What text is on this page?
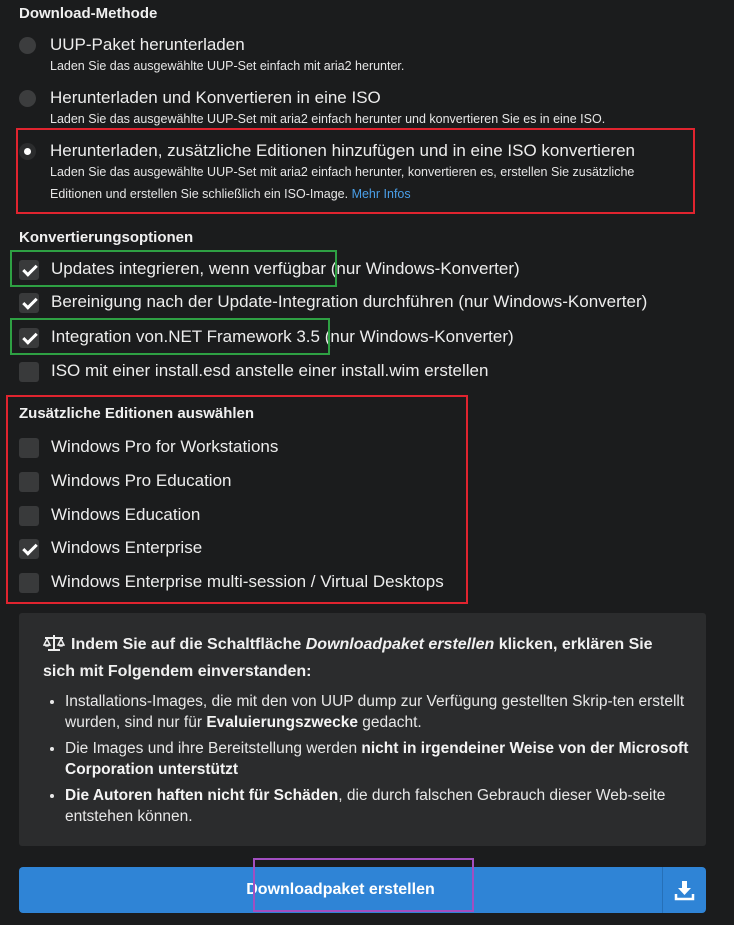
Download-Methode
UUP-Paket herunterladen
Laden Sie das ausgewählte UUP-Set einfach mit aria2 herunter.
Herunterladen und Konvertieren in eine ISO
Laden Sie das ausgewählte UUP-Set mit aria2 einfach herunter und konvertieren Sie es in eine ISO.
Herunterladen, zusätzliche Editionen hinzufügen und in eine ISO konvertieren
Laden Sie das ausgewählte UUP-Set mit aria2 einfach herunter, konvertieren es, erstellen Sie zusätzliche
Editionen und erstellen Sie schließlich ein ISO-Image. Mehr Infos
Konvertierungsoptionen
Updates integrieren, wenn verfügbar (nur Windows-Konverter)
Bereinigung nach der Update-Integration durchführen (nur Windows-Konverter)
Integration von.NET Framework 3.5 (nur Windows-Konverter)
ISO mit einer install.esd anstelle einer install.wim erstellen
Zusätzliche Editionen auswählen
Windows Pro for Workstations
Windows Pro Education
Windows Education
Windows Enterprise
Windows Enterprise multi-session / Virtual Desktops
Indem Sie auf die Schaltfläche Downloadpaket erstellen klicken, erklären Sie sich mit Folgendem einverstanden:
• Installations-Images, die mit den von UUP dump zur Verfügung gestellten Skrip-ten erstellt wurden, sind nur für Evaluierungszwecke gedacht.
• Die Images und ihre Bereitstellung werden nicht in irgendeiner Weise von der Microsoft Corporation unterstützt
• Die Autoren haften nicht für Schäden, die durch falschen Gebrauch dieser Web-seite entstehen können.
Downloadpaket erstellen
